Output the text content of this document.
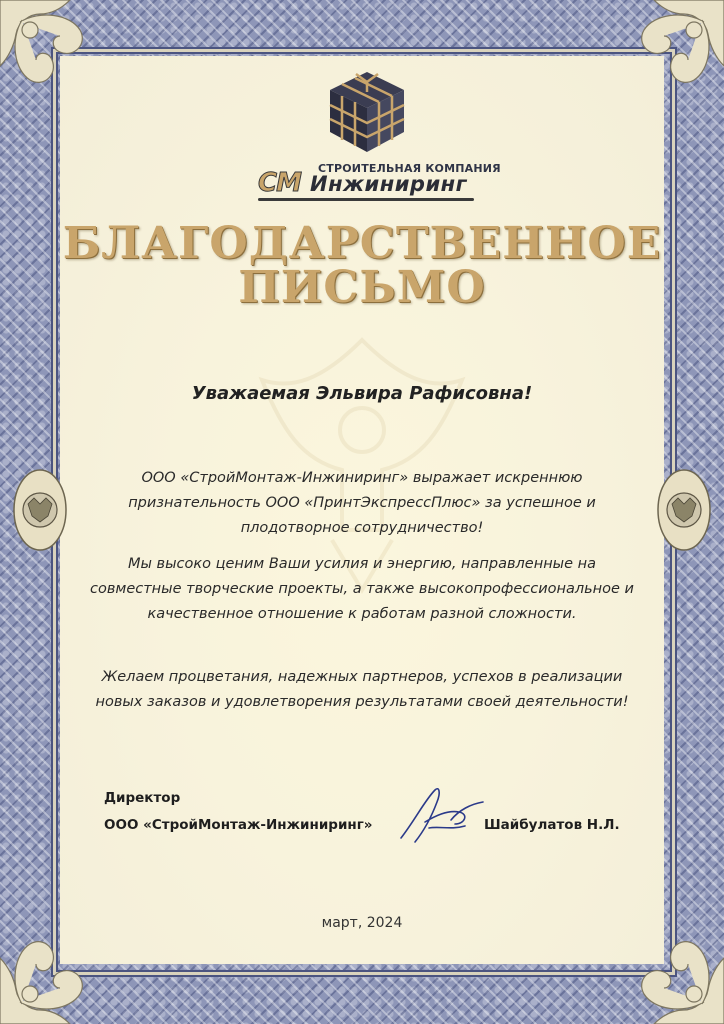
СТРОИТЕЛЬНАЯ КОМПАНИЯ
СМ Инжиниринг
БЛАГОДАРСТВЕННОЕ
ПИСЬМО
Уважаемая Эльвира Рафисовна!
ООО «СтройМонтаж-Инжиниринг» выражает искреннюю признательность ООО «ПринтЭкспрессПлюс» за успешное и плодотворное сотрудничество!
Мы высоко ценим Ваши усилия и энергию, направленные на совместные творческие проекты, а также высокопрофессиональное и качественное отношение к работам разной сложности.
Желаем процветания, надежных партнеров, успехов в реализации новых заказов и удовлетворения результатами своей деятельности!
Директор
ООО «СтройМонтаж-Инжиниринг»	Шайбулатов Н.Л.
март, 2024
